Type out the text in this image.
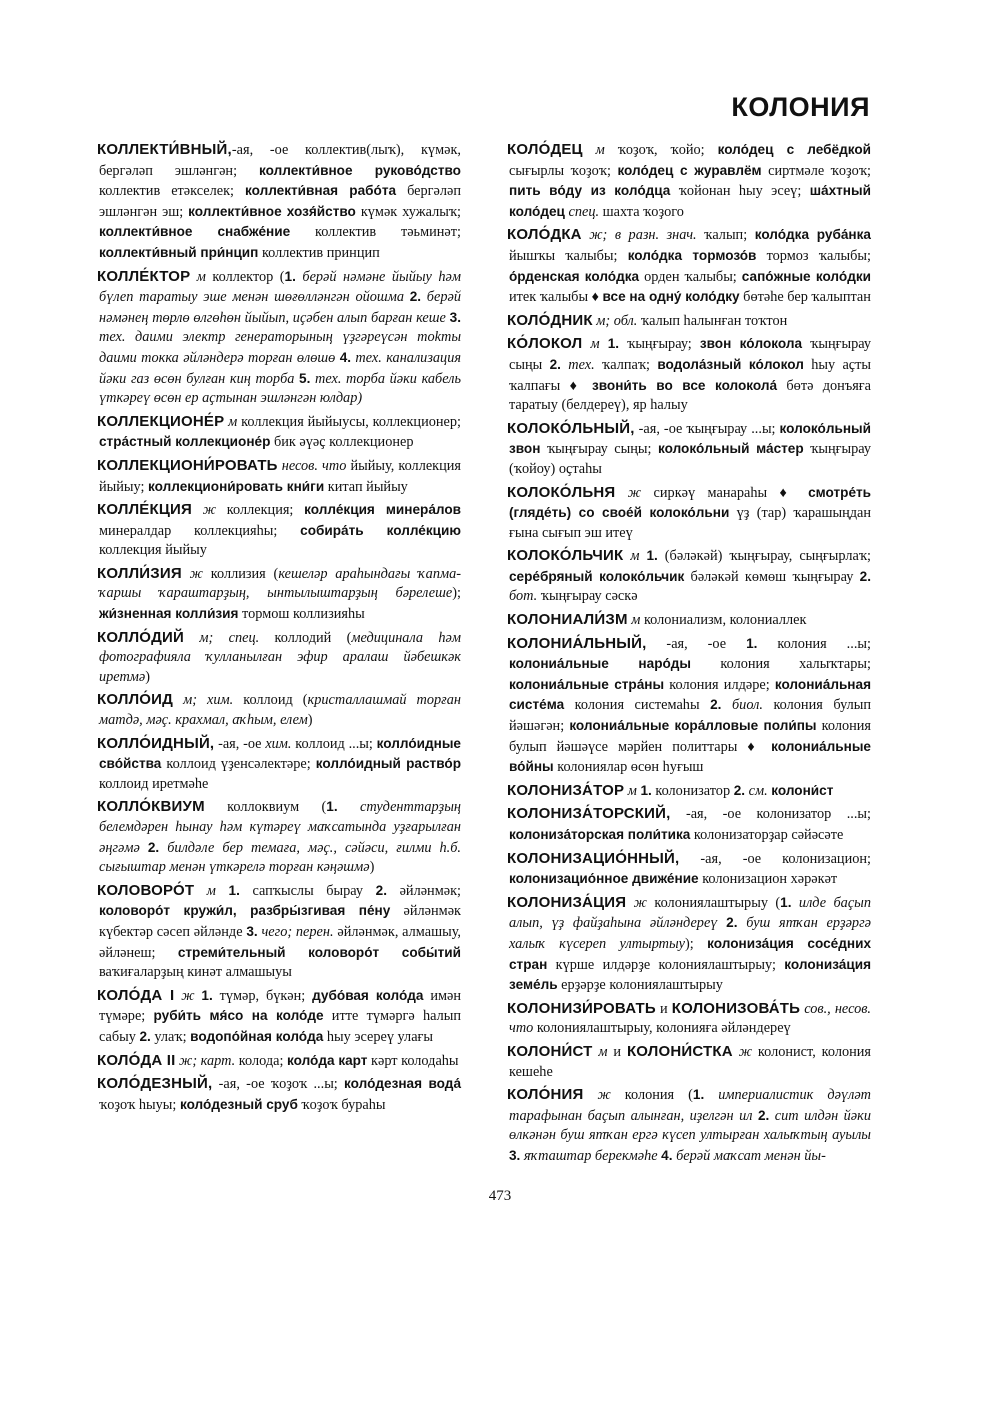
КОЛОНИЯ

КОЛЛЕКТИ́ВНЫЙ,-ая, -ое коллектив(лыҡ), күмәк, бергәләп эшләнгән; коллекти́вное руково́дство коллектив етәкселек; коллекти́вная рабо́та бергәләп эшләнгән эш; коллекти́вное хозя́йство күмәк хужалыҡ; коллекти́вное снабже́ние коллектив тәьминәт; коллекти́вный при́нцип коллектив принцип

КОЛЛЕ́КТОР м коллектор (1. бер‌әй нәмәне йыйыу һәм бүлеп таратыу эше менән шөғөлләнгән ойошма 2. берәй нәмәнең төрлө өлгөһөн йыйып, иҫәбен алып барған кеше 3. тех. даими электр генераторының үҙгәреүсән тokты даими токка әйләндерә торған өлөшө 4. тех. канализация йәки газ өсөн булған киң торба 5. тех. торба йәки кабель үткәреү өсөн ер аҫтынан эшләнгән юлдар)

КОЛЛЕКЦИОНЕ́Р м коллекция йыйыусы, коллекционер; стра́стный коллекционе́р бик әүәҫ коллекционер

КОЛЛЕКЦИОНИ́РОВАТЬ несов. что йыйыу, коллекция йыйыу; коллекциони́ровать кни́ги китап йыйыу

КОЛЛЕ́КЦИЯ ж коллекция; колле́кция минера́лов минералдар коллекцияһы; собира́ть колле́кцию коллекция йыйыу

КОЛЛИ́ЗИЯ ж коллизия (кешеләр араһындағы ҡапма-ҡаршы ҡараштарҙың, ынтылыштарҙың бәрелеше); жи́зненная колли́зия тормош коллизияһы

КОЛЛО́ДИЙ м; спец. коллодий (медицинала һәм фотографияла ҡулланылған эфир аралаш йәбешкәк иретмә)

КОЛЛО́ИД м; хим. коллоид (кристаллашмай торған матдә, мәҫ. крахмал, аҡһым, елем)

КОЛЛО́ИДНЫЙ, -ая, -ое хим. коллоид ...ы; колло́идные сво́йства коллоид үҙенсәлектәре; колло́идный раство́р коллоид иретмәһе

КОЛЛО́КВИУМ коллоквиум (1. студенттарҙың белемдәрен һынау һәм күтәреү маҡсатында уҙғарылған әңгәмә 2. билдәле бер темаға, мәҫ., сәйәси, ғилми һ.б. сығыштар менән үткәрелә торған кәңәшмә)

КОЛОВОРО́Т м 1. сапҡыслы бырау 2. әйләнмәк; коловоро́т кружи́л, разбры́згивая пе́ну әйләнмәк күбектәр сәсеп әйләнде 3. чего; перен. әйләнмәк, алмашыу, әйләнеш; стреми́тельный коловоро́т собы́тий ваҡиғаларҙың кинәт алмашыуы

КОЛО́ДА I ж 1. түмәр, бүкән; дубо́вая коло́да имән түмәре; руби́ть мя́со на коло́де итте түмәргә һалып сабыу 2. улаҡ; водопо́йная коло́да һыу эсереү улағы

КОЛО́ДА II ж; карт. колода; коло́да карт кәрт колодаһы

КОЛО́ДЕЗНЫЙ, -ая, -ое ҡоҙоҡ ...ы; коло́дезная вода́ ҡоҙоҡ һыуы; коло́дезный сруб ҡоҙоҡ бураһы

КОЛО́ДЕЦ м ҡоҙоҡ, ҡойо; коло́дец с лебёдкой сығырлы ҡоҙоҡ; коло́дец с журавлём сиртмәле ҡоҙоҡ; пить во́ду из коло́дца ҡойонан һыу эсеү; ша́хтный коло́дец спец. шахта ҡоҙого

КОЛО́ДКА ж; в разн. знач. ҡалып; коло́дка руба́нка йышҡы ҡалыбы; коло́дка тормозо́в тормоз ҡалыбы; о́рденская коло́дка орден ҡалыбы; сапо́жные коло́дки итек ҡалыбы ♦ все на одну́ коло́дку бөтәһе бер ҡалыптан

КОЛО́ДНИК м; обл. ҡалып һалынған тоҡтон

КО́ЛОКОЛ м 1. ҡыңғырау; звон ко́локола ҡыңғырау сыңы 2. тех. ҡалпаҡ; водола́зный ко́локол һыу аҫты ҡалпағы ♦ звони́ть во все колокола́ бөтә донъяға таратыу (белдереү), яр һалыу

КОЛОКО́ЛЬНЫЙ, -ая, -ое ҡыңғырау ...ы; колоко́льный звон ҡыңғырау сыңы; колоко́льный ма́стер ҡыңғырау (ҡойоу) оҫтаһы

КОЛОКО́ЛЬНЯ ж сиркәү манараһы ♦ смотре́ть (гляде́ть) со свое́й колоко́льни үҙ (тар) ҡарашыңдан ғына сығып эш итеү

КОЛОКО́ЛЬЧИК м 1. (бәләкәй) ҡыңғырау, сыңғырлаҡ; сере́бряный колоко́льчик бәләкәй көмөш ҡыңғырау 2. бот. ҡыңғырау сәскә

КОЛОНИАЛИ́ЗМ м колониализм, колониаллек

КОЛОНИА́ЛЬНЫЙ, -ая, -ое 1. колония ...ы; колониа́льные наро́ды колония халыҡтары; колониа́льные стра́ны колония илдәре; колониа́льная систе́ма колония системаһы 2. биол. колония булып йәшәгән; колониа́льные кора́лловые поли́пы колония булып йәшәүсе мәрйен политтары ♦ колониа́льные во́йны колониялар өсөн һуғыш

КОЛОНИЗА́ТОР м 1. колонизатор 2. см. колони́ст

КОЛОНИЗА́ТОРСКИЙ, -ая, -ое колонизатор ...ы; колониза́торская поли́тика колонизаторҙар сәйәсәте

КОЛОНИЗАЦИО́ННЫЙ, -ая, -ое колонизацион; колонизацио́нное движе́ние колонизацион хәрәкәт

КОЛОНИЗА́ЦИЯ ж колониялаштырыу (1. илде баҫып алып, үҙ файҙаһына әйләндереү 2. буш ятҡан ерҙәргә халыҡ күсереп ултыртыу); колониза́ция сосе́дних стран күрше илдәрҙе колониялаштырыу; колониза́ция земе́ль ерҙәрҙе колониялаштырыу

КОЛОНИЗИ́РОВАТЬ и КОЛОНИЗОВА́ТЬ сов., несов. что колониялаштырыу, колонияға әйләндереү

КОЛОНИ́СТ м и КОЛОНИ́СТКА ж колонист, колония кешеһе

КОЛО́НИЯ ж колония (1. империалистик дәүләт тарафынан баҫып алынған, иҙелгән ил 2. сит илдән йәки өлкәнән буш ятҡан ергә күсеп ултырған халыҡтың ауылы 3. яҡташтар берекмәһе 4. берәй маҡсат менән йы-

473
